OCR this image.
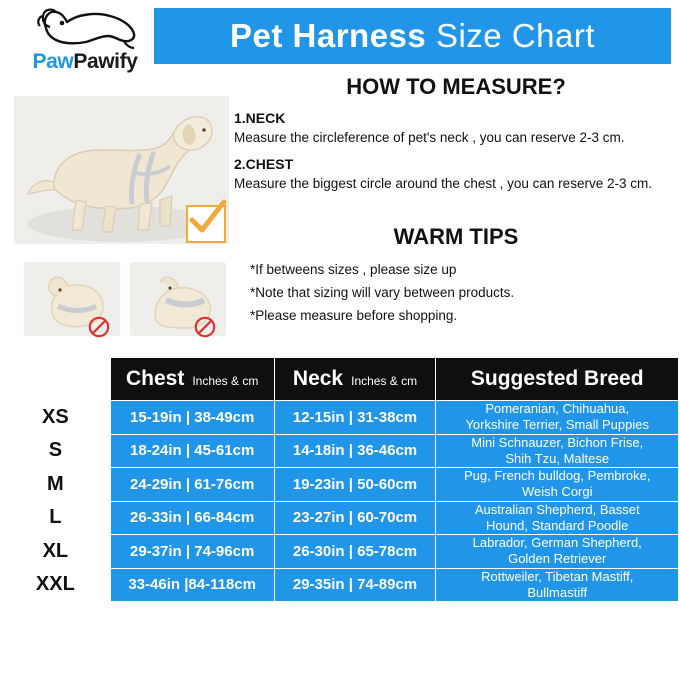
PawPawify
Pet Harness Size Chart
HOW TO MEASURE?
1.NECK
Measure the circleference of pet's neck , you can reserve 2-3 cm.
2.CHEST
Measure the biggest circle around the chest , you can reserve 2-3 cm.
WARM TIPS
*If betweens sizes , please size up
*Note that sizing will vary between products.
*Please measure before shopping.

	Chest Inches & cm	Neck Inches & cm	Suggested Breed

XS	15-19in | 38-49cm	12-15in | 31-38cm	Pomeranian, Chihuahua,
Yorkshire Terrier, Small Puppies
S	18-24in | 45-61cm	14-18in | 36-46cm	Mini Schnauzer, Bichon Frise,
Shih Tzu, Maltese
M	24-29in | 61-76cm	19-23in | 50-60cm	Pug, French bulldog, Pembroke,
Weish Corgi
L	26-33in | 66-84cm	23-27in | 60-70cm	Australian Shepherd, Basset
Hound, Standard Poodle
XL	29-37in | 74-96cm	26-30in | 65-78cm	Labrador, German Shepherd,
Golden Retriever
XXL	33-46in |84-118cm	29-35in | 74-89cm	Rottweiler, Tibetan Mastiff,
Bullmastiff
